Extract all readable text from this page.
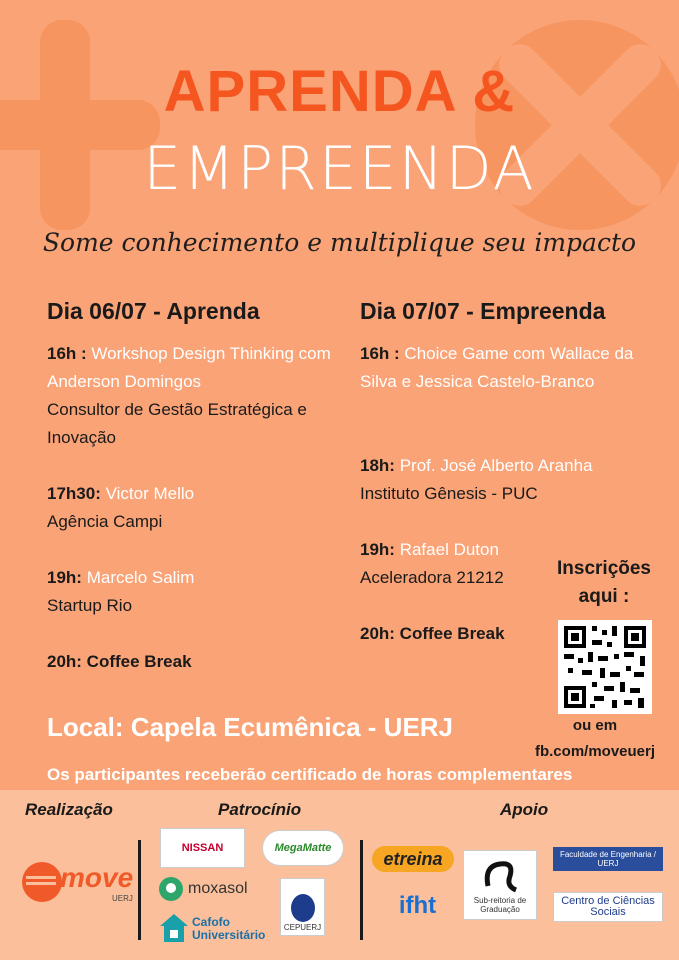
APRENDA &
EMPREENDA
Some conhecimento e multiplique seu impacto
Dia 06/07 - Aprenda
16h : Workshop Design Thinking com Anderson Domingos
Consultor de Gestão Estratégica e Inovação
17h30: Victor Mello
Agência Campi
19h: Marcelo Salim
Startup Rio
20h: Coffee Break
Dia 07/07 - Empreenda
16h : Choice Game com Wallace da Silva e Jessica Castelo-Branco
18h: Prof. José Alberto Aranha
Instituto Gênesis - PUC
19h: Rafael Duton
Aceleradora 21212
20h: Coffee Break
Inscrições
aqui :
ou em
fb.com/moveuerj
Local: Capela Ecumênica - UERJ
Os participantes receberão certificado de horas complementares
Realização	Patrocínio	Apoio
move
UERJ
NISSAN	MegaMatte
moxasol
CEPUERJ
Cafofo Universitário
etreina
ifht	Sub-reitoria de Graduação
Faculdade de Engenharia / UERJ
Centro de Ciências Sociais
